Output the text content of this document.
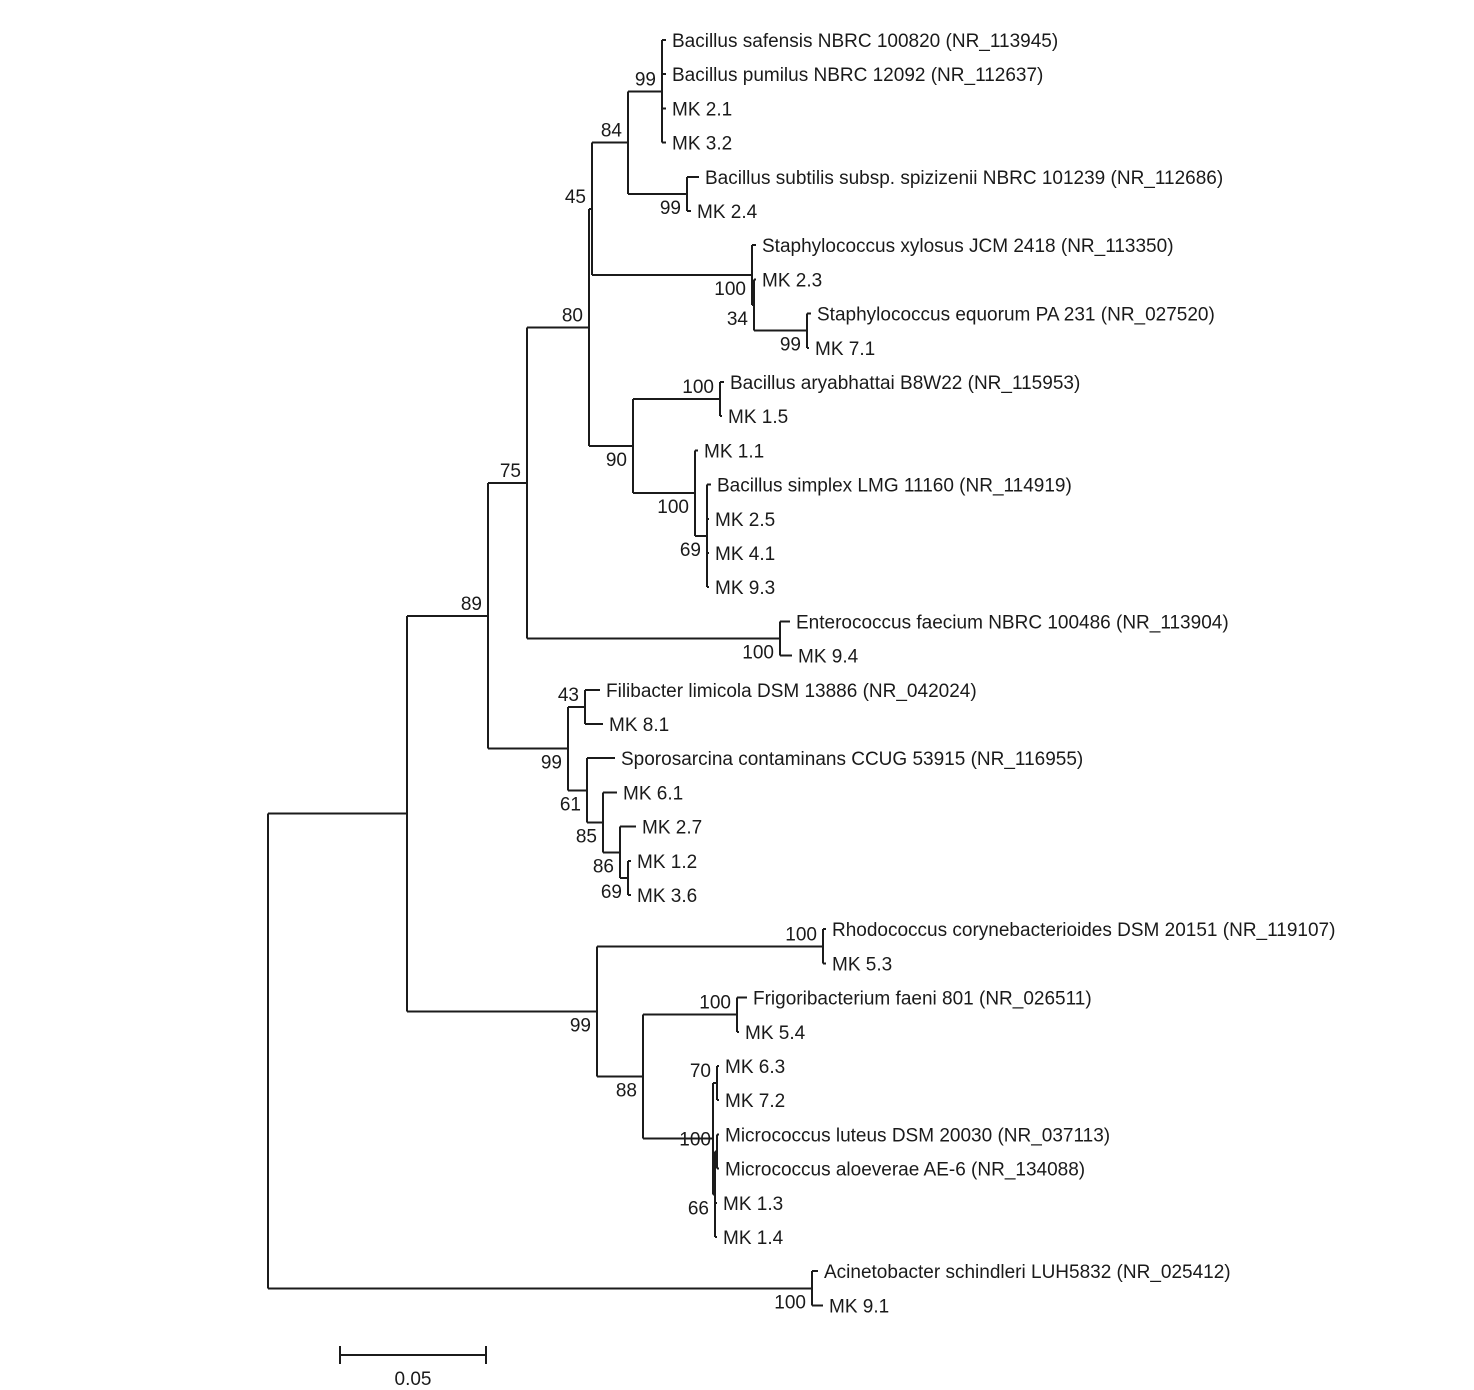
Bacillus safensis NBRC 100820 (NR_113945)
Bacillus pumilus NBRC 12092 (NR_112637)
MK 2.1
MK 3.2
99
Bacillus subtilis subsp. spizizenii NBRC 101239 (NR_112686)
MK 2.4
99
84
Staphylococcus xylosus JCM 2418 (NR_113350)
MK 2.3
Staphylococcus equorum PA 231 (NR_027520)
MK 7.1
99
34
100
45
Bacillus aryabhattai B8W22 (NR_115953)
MK 1.5
100
MK 1.1
Bacillus simplex LMG 11160 (NR_114919)
MK 2.5
MK 4.1
MK 9.3
69
100
90
80
Enterococcus faecium NBRC 100486 (NR_113904)
MK 9.4
100
75
Filibacter limicola DSM 13886 (NR_042024)
MK 8.1
43
Sporosarcina contaminans CCUG 53915 (NR_116955)
MK 6.1
MK 2.7
MK 1.2
MK 3.6
69
86
85
61
99
89
Rhodococcus corynebacterioides DSM 20151 (NR_119107)
MK 5.3
100
Frigoribacterium faeni 801 (NR_026511)
MK 5.4
100
MK 6.3
MK 7.2
70
Micrococcus luteus DSM 20030 (NR_037113)
Micrococcus aloeverae AE-6 (NR_134088)
100
MK 1.3
MK 1.4
66
88
99
Acinetobacter schindleri LUH5832 (NR_025412)
MK 9.1
100
0.05
